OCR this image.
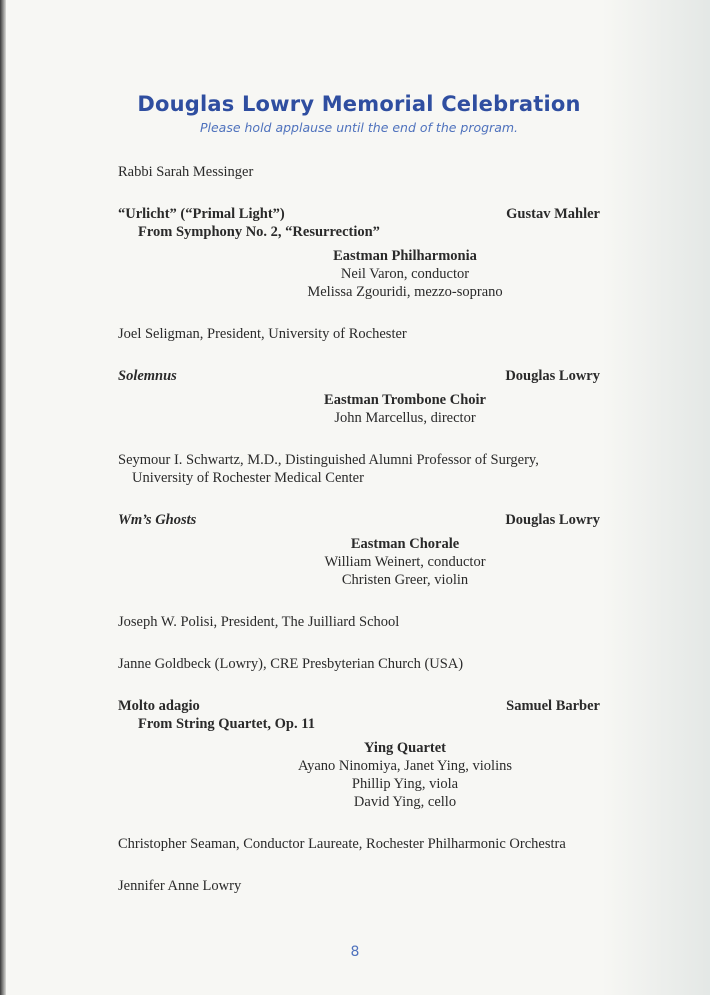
Douglas Lowry Memorial Celebration

Please hold applause until the end of the program.

Rabbi Sarah Messinger
“Urlicht” (“Primal Light”)	Gustav Mahler
From Symphony No. 2, “Resurrection”
Eastman Philharmonia
Neil Varon, conductor
Melissa Zgouridi, mezzo-soprano
Joel Seligman, President, University of Rochester
Solemnus	Douglas Lowry
Eastman Trombone Choir
John Marcellus, director
Seymour I. Schwartz, M.D., Distinguished Alumni Professor of Surgery, University of Rochester Medical Center
Wm’s Ghosts	Douglas Lowry
Eastman Chorale
William Weinert, conductor
Christen Greer, violin
Joseph W. Polisi, President, The Juilliard School
Janne Goldbeck (Lowry), CRE Presbyterian Church (USA)
Molto adagio	Samuel Barber
From String Quartet, Op. 11
Ying Quartet
Ayano Ninomiya, Janet Ying, violins
Phillip Ying, viola
David Ying, cello
Christopher Seaman, Conductor Laureate, Rochester Philharmonic Orchestra
Jennifer Anne Lowry
8
